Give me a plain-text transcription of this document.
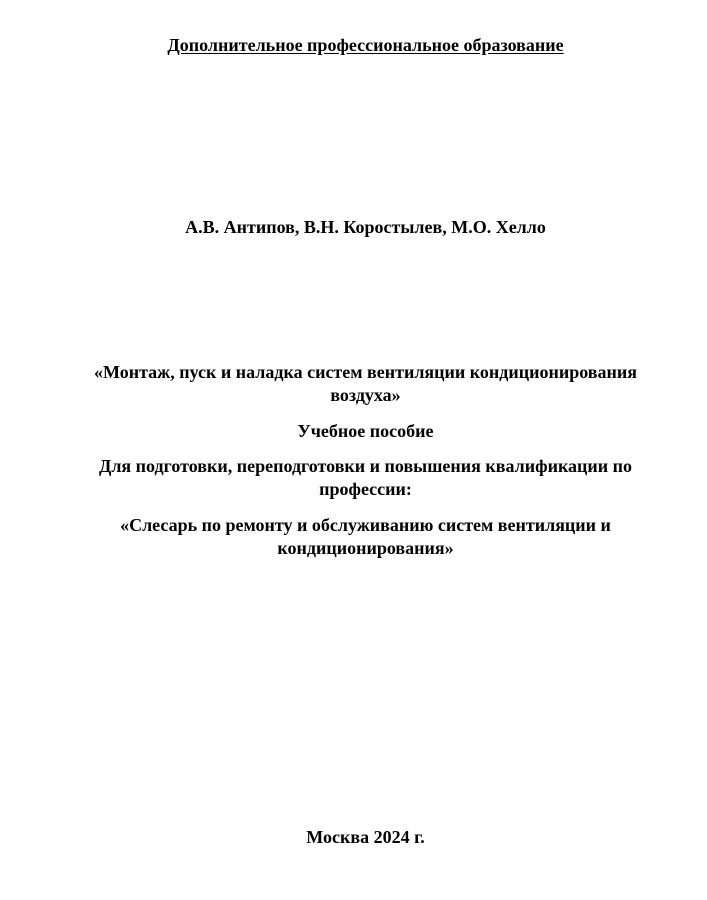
Дополнительное профессиональное образование
А.В. Антипов, В.Н. Коростылев, М.О. Хелло
«Монтаж, пуск и наладка систем вентиляции кондиционирования
воздуха»
Учебное пособие
Для подготовки, переподготовки и повышения квалификации по
профессии:
«Слесарь по ремонту и обслуживанию систем вентиляции и
кондиционирования»
Москва 2024 г.
